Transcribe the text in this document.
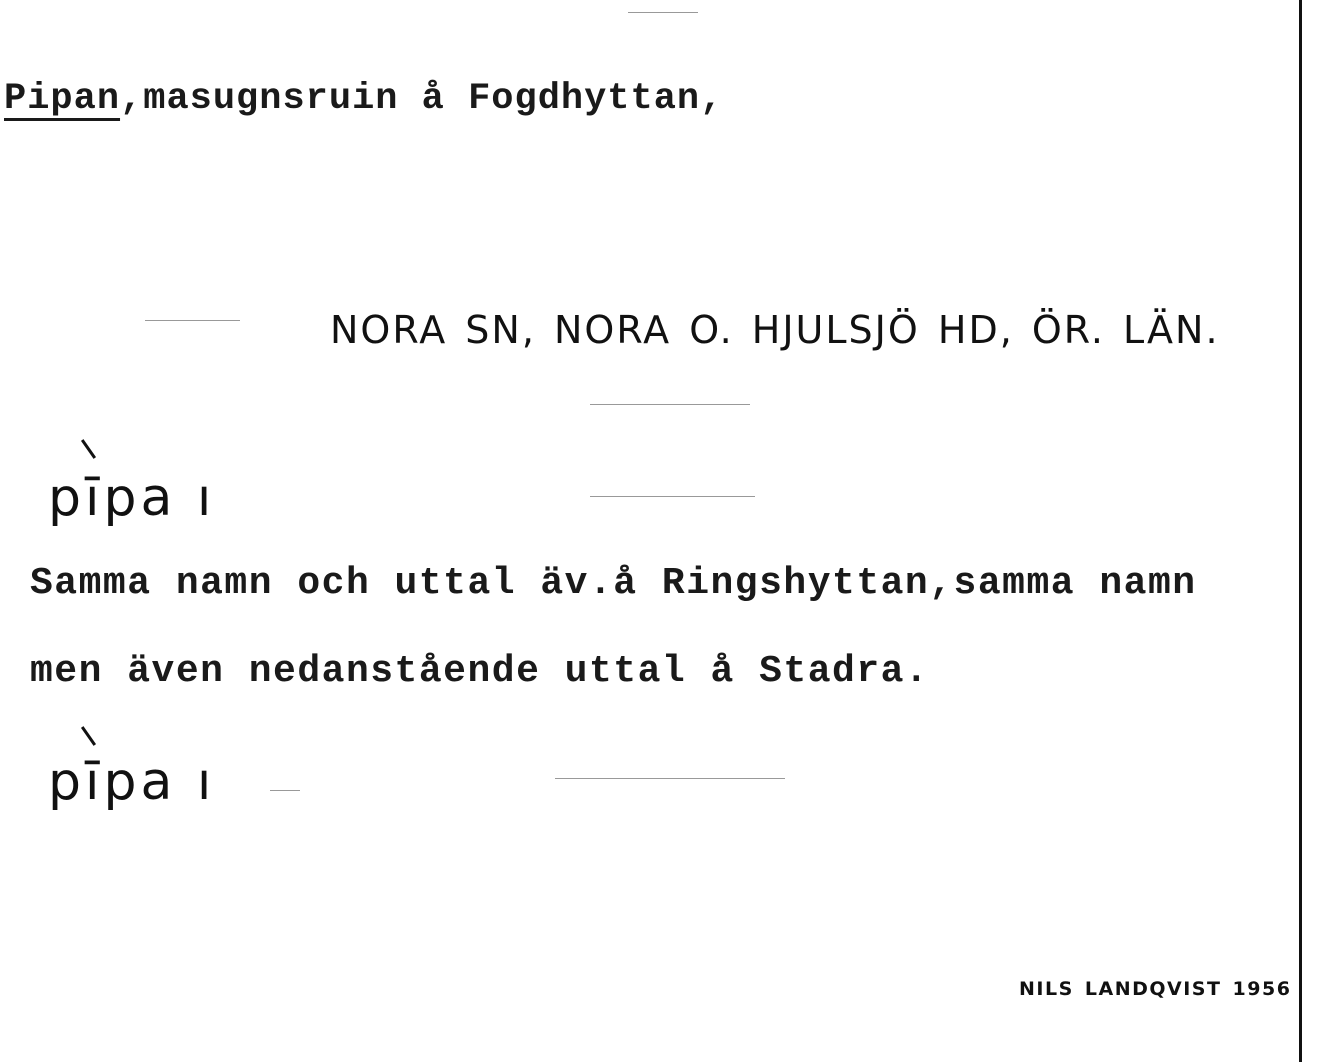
Pipan,masugnsruin å Fogdhyttan,
NORA SN, NORA O. HJULSJÖ HD, ÖR. LÄN.
pīpa ı
Samma namn och uttal äv.å Ringshyttan,samma namn
men även nedanstående uttal å Stadra.
pīpa ı
NILS LANDQVIST 1956
